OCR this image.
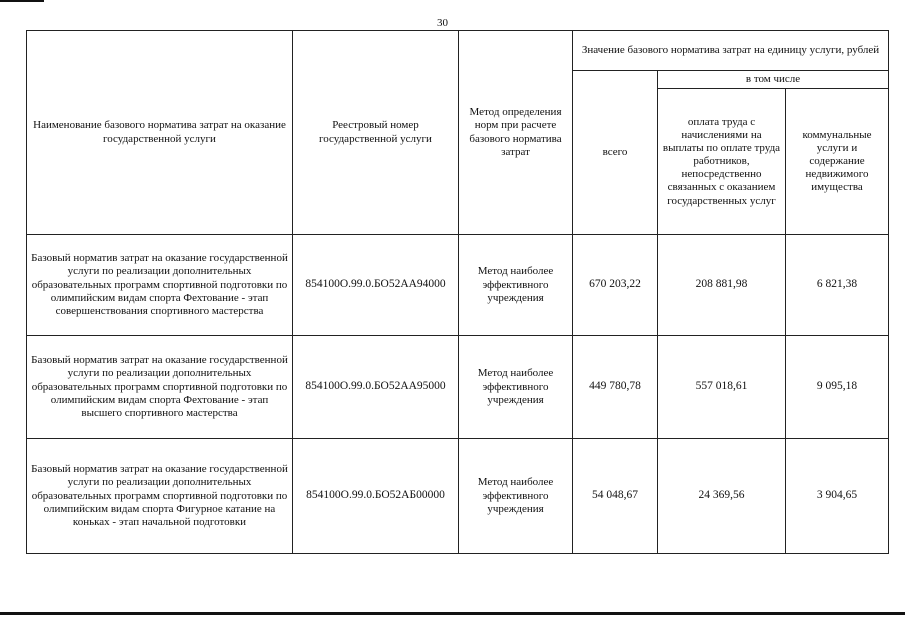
30
Наименование базового норматива затрат на оказание государственной услуги	Реестровый номер государственной услуги	Метод определения норм при расчете базового норматива затрат	Значение базового норматива затрат на единицу услуги, рублей		
			всего	в том числе	
				оплата труда с начислениями на выплаты по оплате труда работников, непосредственно связанных с оказанием государственных услуг	коммунальные услуги и содержание недвижимого имущества
Базовый норматив затрат на оказание государственной услуги по реализации дополнительных образовательных программ спортивной подготовки по олимпийским видам спорта Фехтование - этап совершенствования спортивного мастерства	854100О.99.0.БО52АА94000	Метод наиболее эффективного учреждения	670 203,22	208 881,98	6 821,38
Базовый норматив затрат на оказание государственной услуги по реализации дополнительных образовательных программ спортивной подготовки по олимпийским видам спорта Фехтование - этап высшего спортивного мастерства	854100О.99.0.БО52АА95000	Метод наиболее эффективного учреждения	449 780,78	557 018,61	9 095,18
Базовый норматив затрат на оказание государственной услуги по реализации дополнительных образовательных программ спортивной подготовки по олимпийским видам спорта Фигурное катание на коньках - этап начальной подготовки	854100О.99.0.БО52АБ00000	Метод наиболее эффективного учреждения	54 048,67	24 369,56	3 904,65
